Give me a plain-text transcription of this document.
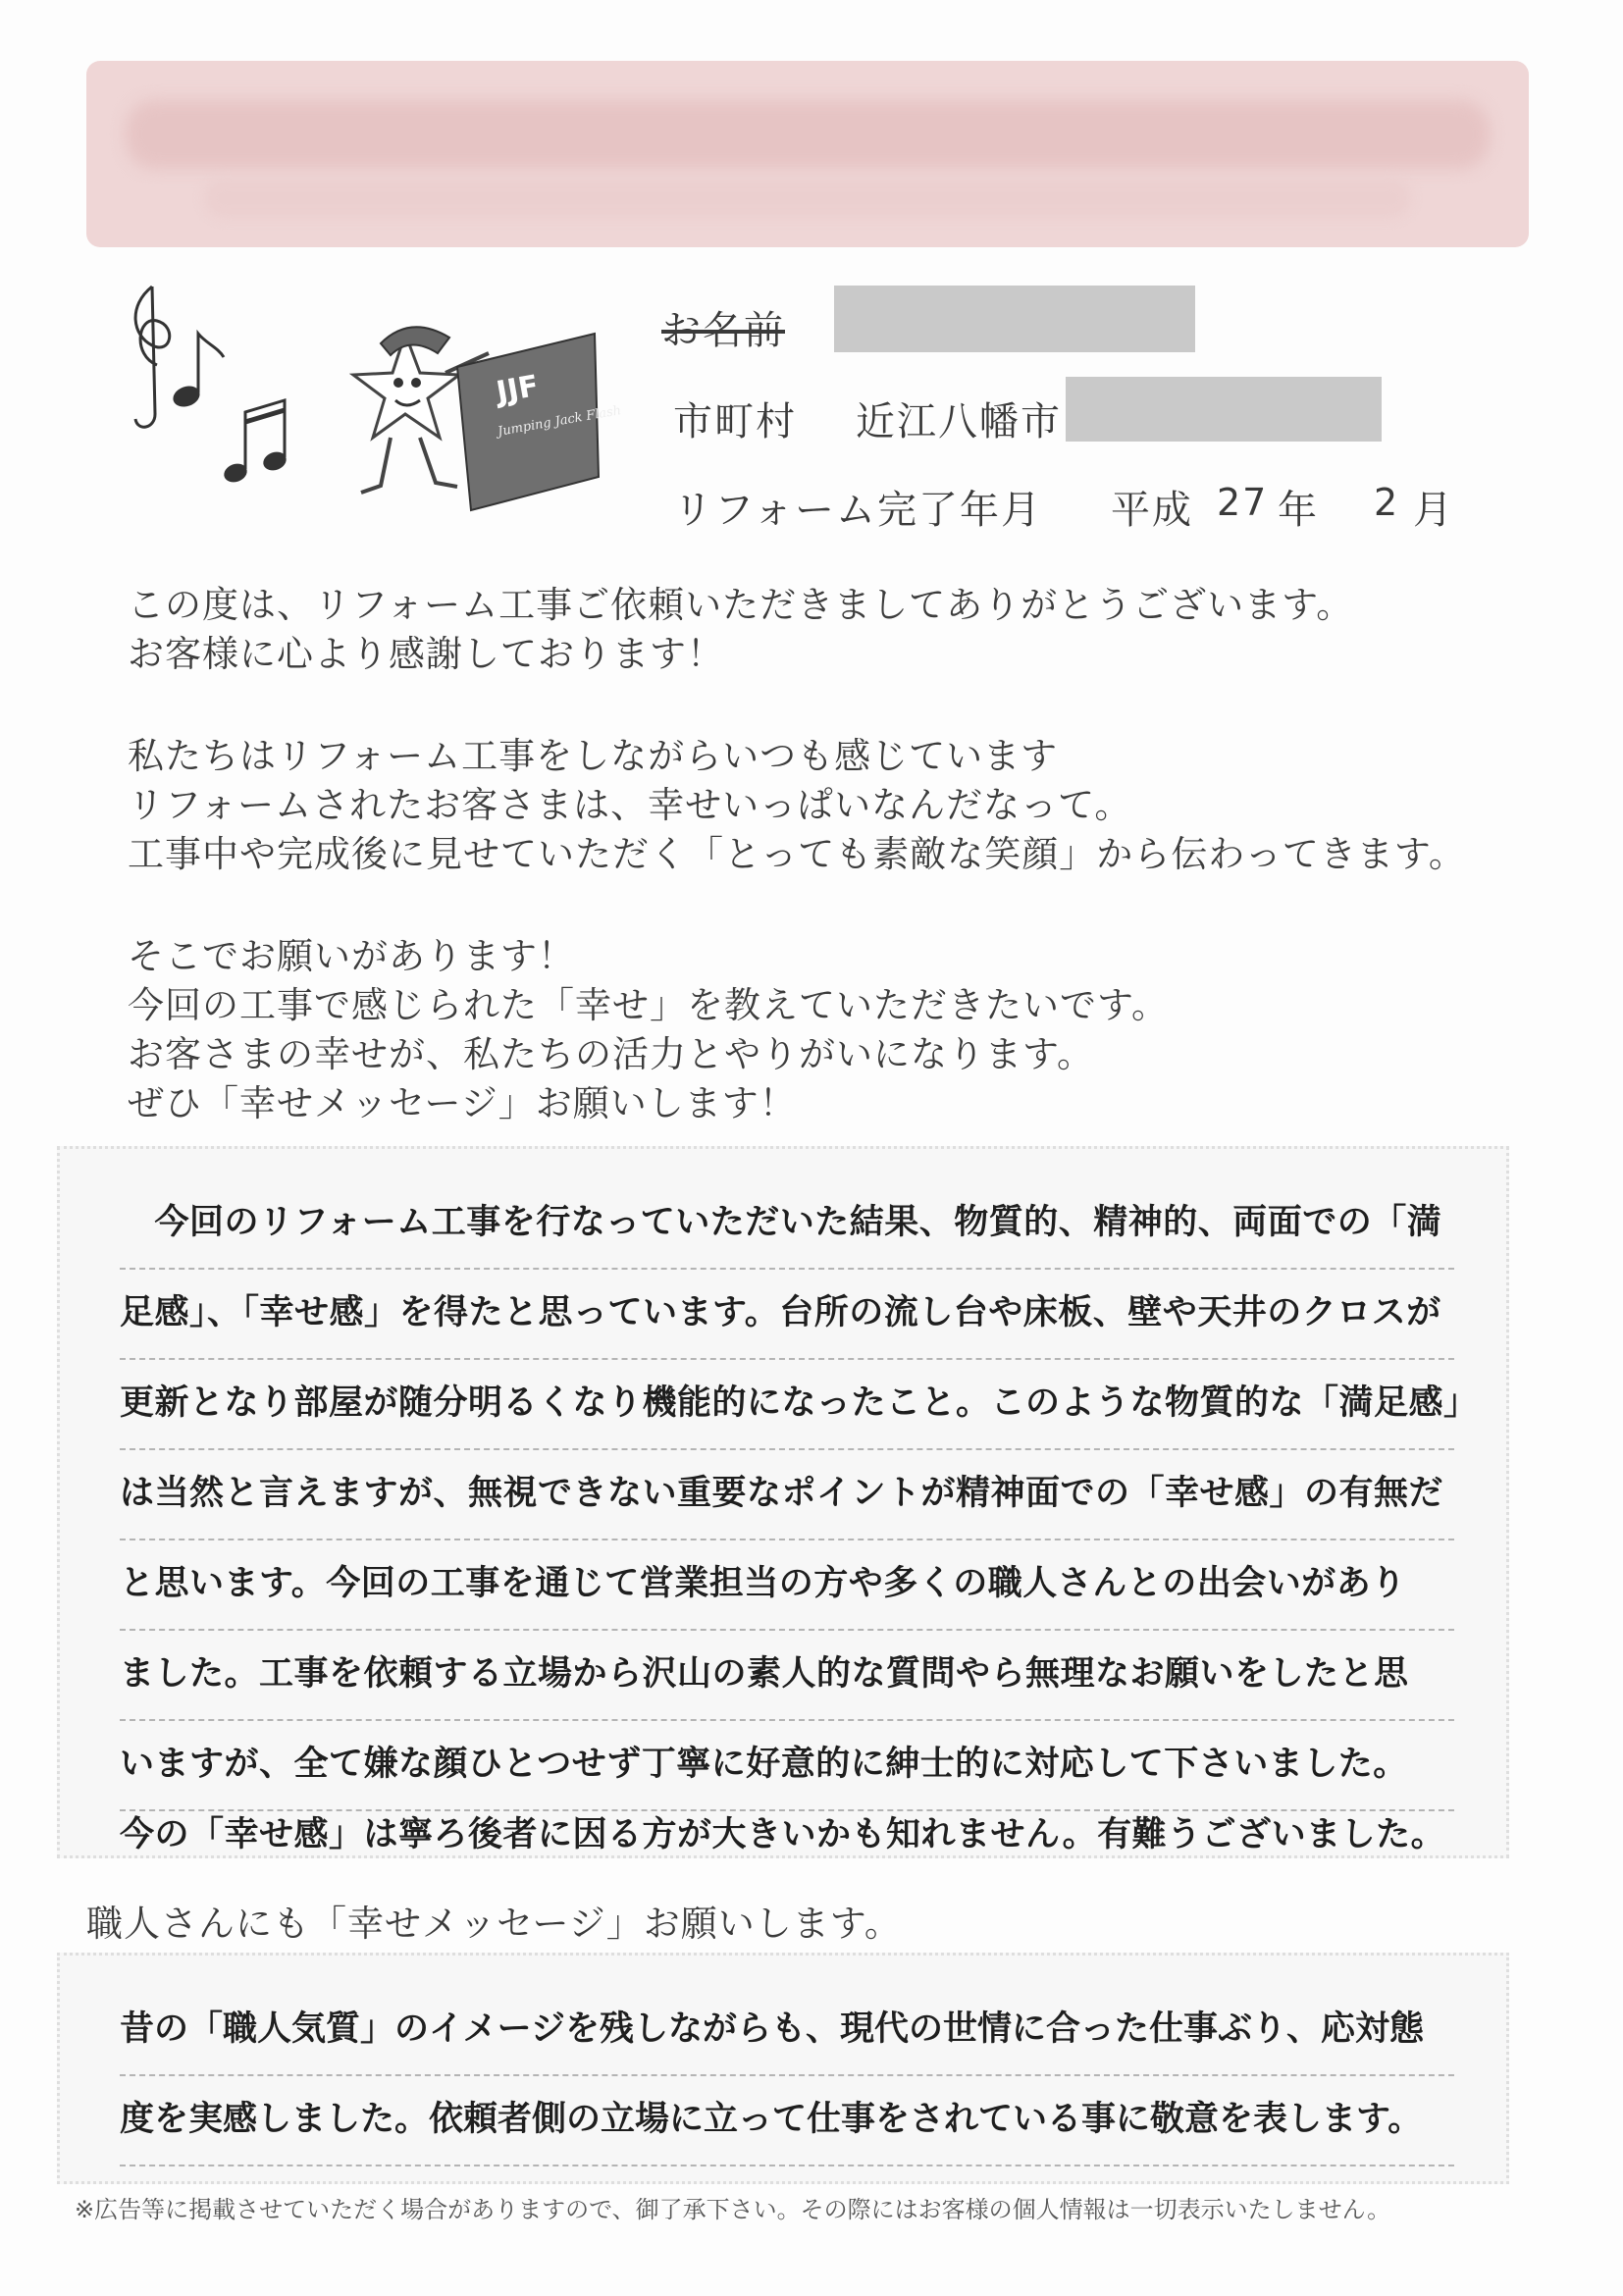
JJF
Jumping Jack Flash
お名前
市町村 近江八幡市
リフォーム完了年月 平成 27 年 2 月

この度は、リフォーム工事ご依頼いただきましてありがとうございます。

お客様に心より感謝しております！

私たちはリフォーム工事をしながらいつも感じています

リフォームされたお客さまは、幸せいっぱいなんだなって。

工事中や完成後に見せていただく「とっても素敵な笑顔」から伝わってきます。

そこでお願いがあります！

今回の工事で感じられた「幸せ」を教えていただきたいです。

お客さまの幸せが、私たちの活力とやりがいになります。

ぜひ「幸せメッセージ」お願いします！

　今回のリフォーム工事を行なっていただいた結果、物質的、精神的、両面での「満
足感」、「幸せ感」を得たと思っています。台所の流し台や床板、壁や天井のクロスが
更新となり部屋が随分明るくなり機能的になったこと。このような物質的な「満足感」
は当然と言えますが、無視できない重要なポイントが精神面での「幸せ感」の有無だ
と思います。今回の工事を通じて営業担当の方や多くの職人さんとの出会いがあり
ました。工事を依頼する立場から沢山の素人的な質問やら無理なお願いをしたと思
いますが、全て嫌な顔ひとつせず丁寧に好意的に紳士的に対応して下さいました。
今の「幸せ感」は寧ろ後者に因る方が大きいかも知れません。有難うございました。
職人さんにも「幸せメッセージ」お願いします。
昔の「職人気質」のイメージを残しながらも、現代の世情に合った仕事ぶり、応対態
度を実感しました。依頼者側の立場に立って仕事をされている事に敬意を表します。
※広告等に掲載させていただく場合がありますので、御了承下さい。その際にはお客様の個人情報は一切表示いたしません。
